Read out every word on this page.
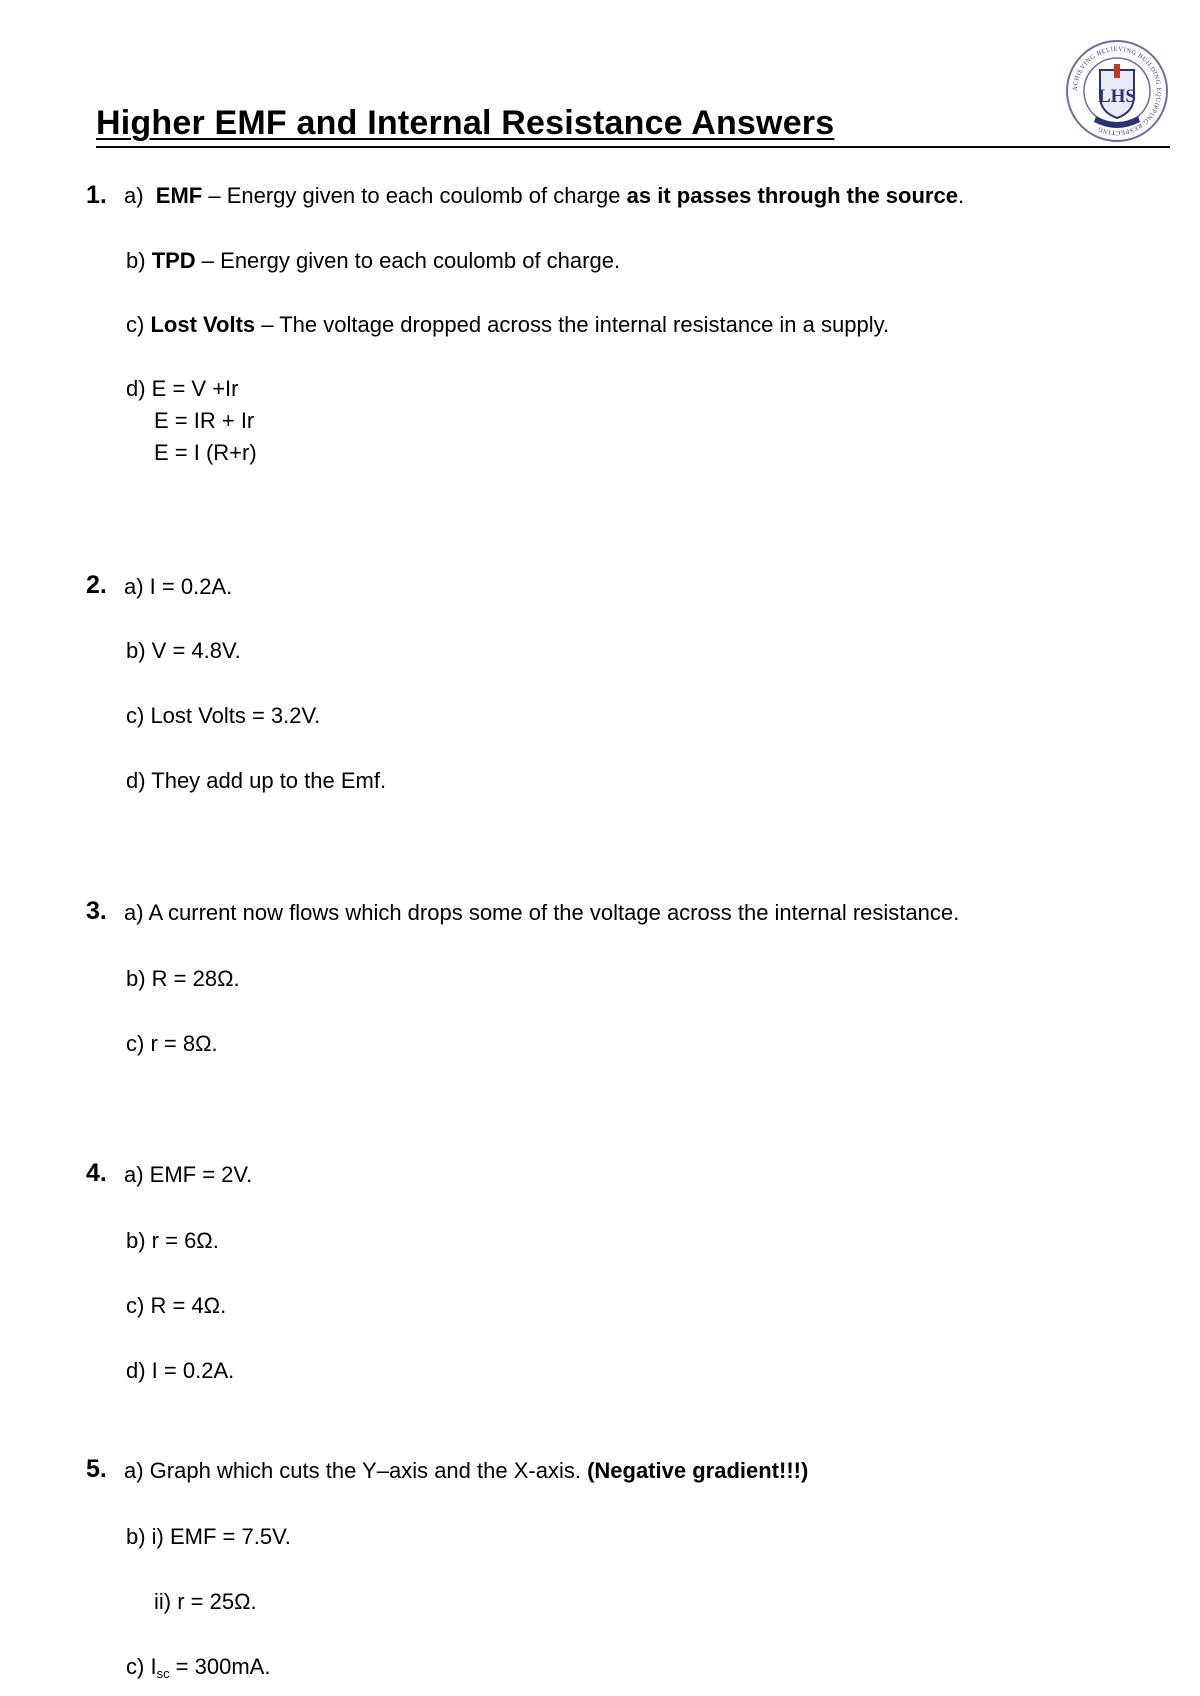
ACHIEVING BELIEVING BUILDING EQUIPPING RESPECTING
LHS
Higher EMF and Internal Resistance Answers
1. a) EMF – Energy given to each coulomb of charge as it passes through the source.
b) TPD – Energy given to each coulomb of charge.
c) Lost Volts – The voltage dropped across the internal resistance in a supply.
d) E = V +Ir
E = IR + Ir
E = I (R+r)
2. a) I = 0.2A.
b) V = 4.8V.
c) Lost Volts = 3.2V.
d) They add up to the Emf.
3. a) A current now flows which drops some of the voltage across the internal resistance.
b) R = 28Ω.
c) r = 8Ω.
4. a) EMF = 2V.
b) r = 6Ω.
c) R = 4Ω.
d) I = 0.2A.
5. a) Graph which cuts the Y–axis and the X-axis. (Negative gradient!!!)
b) i) EMF = 7.5V.
ii) r = 25Ω.
c) $I_{sc} = 300mA$.
